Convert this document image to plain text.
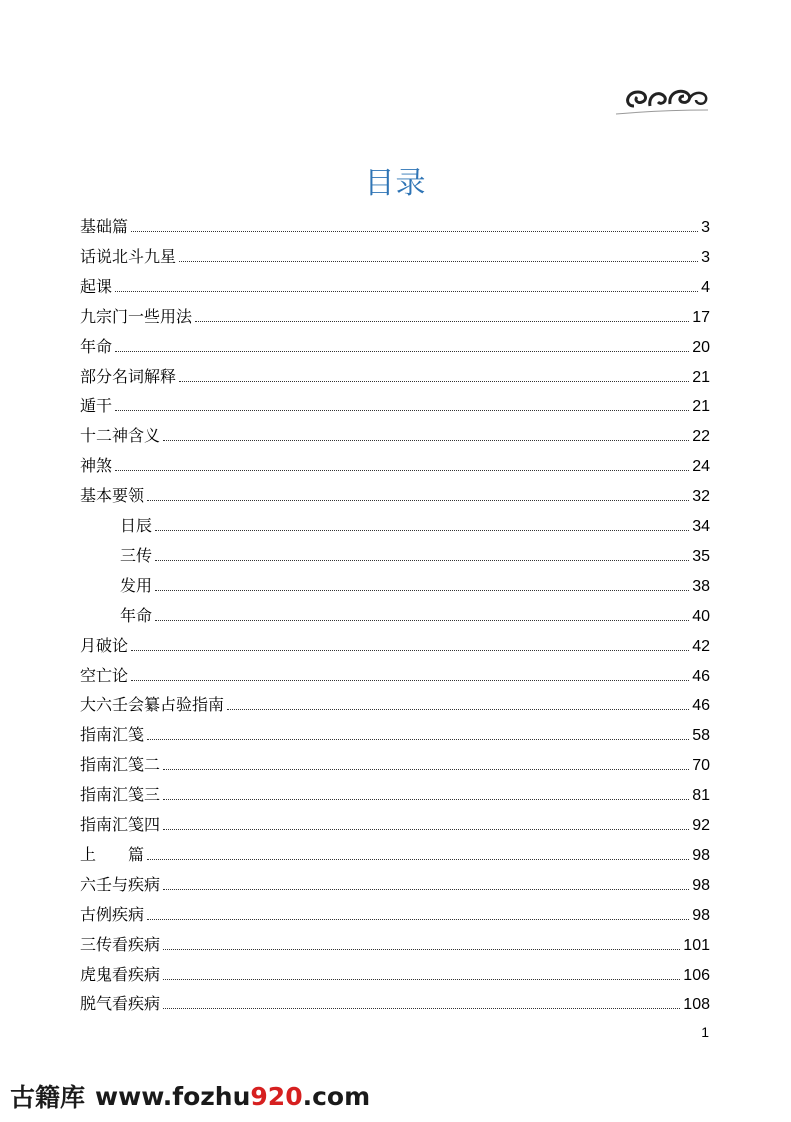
目录
基础篇	3
话说北斗九星	3
起课	4
九宗门一些用法	17
年命	20
部分名词解释	21
遁干	21
十二神含义	22
神煞	24
基本要领	32
日辰	34
三传	35
发用	38
年命	40
月破论	42
空亡论	46
大六壬会纂占验指南	46
指南汇笺	58
指南汇笺二	70
指南汇笺三	81
指南汇笺四	92
上　　篇	98
六壬与疾病	98
古例疾病	98
三传看疾病	101
虎鬼看疾病	106
脱气看疾病	108
1
古籍库 www.fozhu 920 .com
